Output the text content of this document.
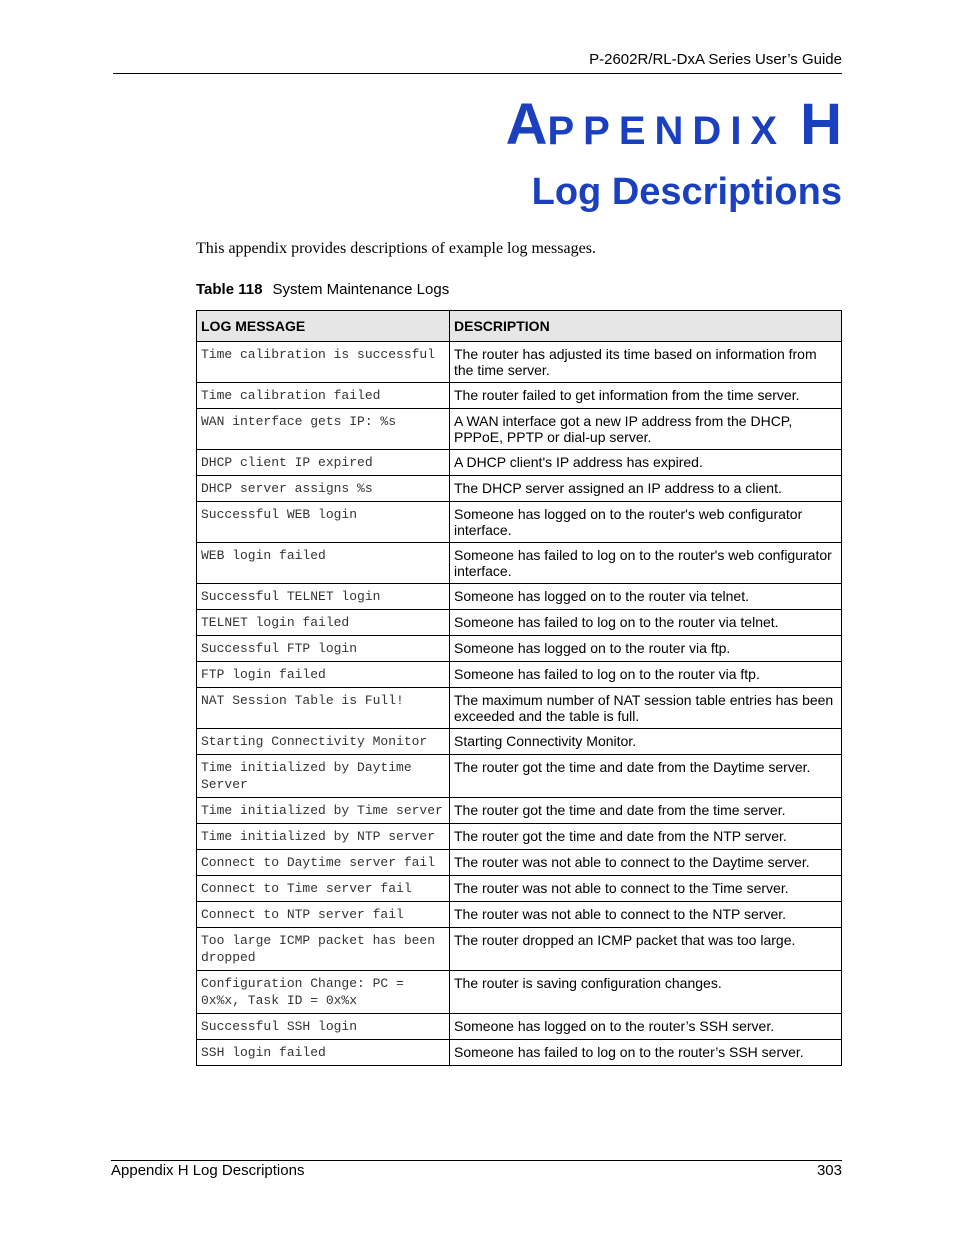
P-2602R/RL-DxA Series User’s Guide
APPENDIX H
Log Descriptions
This appendix provides descriptions of example log messages.
Table 118 System Maintenance Logs
LOG MESSAGE	DESCRIPTION
Time calibration is successful	The router has adjusted its time based on information from the time server.
Time calibration failed	The router failed to get information from the time server.
WAN interface gets IP: %s	A WAN interface got a new IP address from the DHCP, PPPoE, PPTP or dial-up server.
DHCP client IP expired	A DHCP client's IP address has expired.
DHCP server assigns %s	The DHCP server assigned an IP address to a client.
Successful WEB login	Someone has logged on to the router's web configurator interface.
WEB login failed	Someone has failed to log on to the router's web configurator interface.
Successful TELNET login	Someone has logged on to the router via telnet.
TELNET login failed	Someone has failed to log on to the router via telnet.
Successful FTP login	Someone has logged on to the router via ftp.
FTP login failed	Someone has failed to log on to the router via ftp.
NAT Session Table is Full!	The maximum number of NAT session table entries has been exceeded and the table is full.
Starting Connectivity Monitor	Starting Connectivity Monitor.
Time initialized by Daytime Server	The router got the time and date from the Daytime server.
Time initialized by Time server	The router got the time and date from the time server.
Time initialized by NTP server	The router got the time and date from the NTP server.
Connect to Daytime server fail	The router was not able to connect to the Daytime server.
Connect to Time server fail	The router was not able to connect to the Time server.
Connect to NTP server fail	The router was not able to connect to the NTP server.
Too large ICMP packet has been dropped	The router dropped an ICMP packet that was too large.
Configuration Change: PC = 0x%x, Task ID = 0x%x	The router is saving configuration changes.
Successful SSH login	Someone has logged on to the router’s SSH server.
SSH login failed	Someone has failed to log on to the router’s SSH server.
Appendix H Log Descriptions	303
